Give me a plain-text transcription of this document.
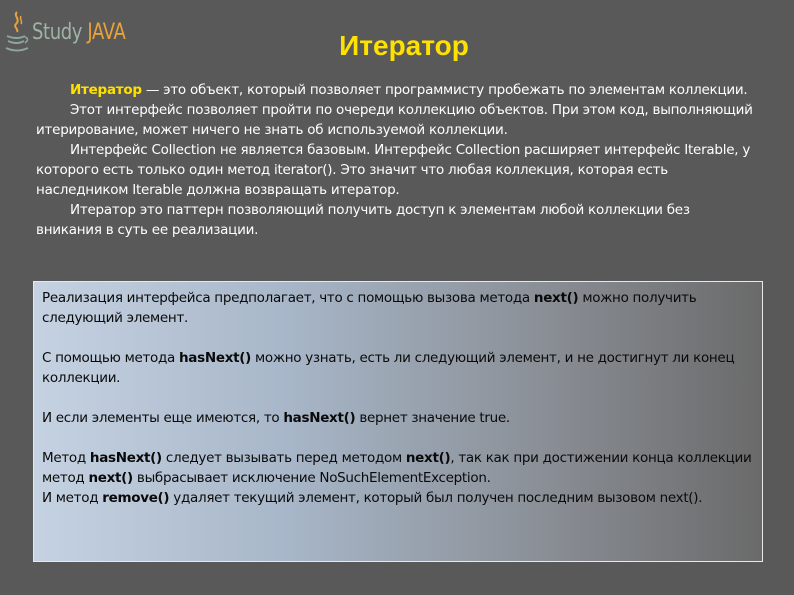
Study JAVA	Итератор

Итератор — это объект, который позволяет программисту пробежать по элементам коллекции.

Этот интерфейс позволяет пройти по очереди коллекцию объектов. При этом код, выполняющий итерирование, может ничего не знать об используемой коллекции.

Интерфейс Collection не является базовым. Интерфейс Collection расширяет интерфейс Iterable, у которого есть только один метод iterator(). Это значит что любая коллекция, которая есть наследником Iterable должна возвращать итератор.

Итератор это паттерн позволяющий получить доступ к элементам любой коллекции без вникания в суть ее реализации.

Реализация интерфейса предполагает, что с помощью вызова метода next() можно получить следующий элемент.

С помощью метода hasNext() можно узнать, есть ли следующий элемент, и не достигнут ли конец коллекции.

И если элементы еще имеются, то hasNext() вернет значение true.

Метод hasNext() следует вызывать перед методом next(), так как при достижении конца коллекции метод next() выбрасывает исключение NoSuchElementException.

И метод remove() удаляет текущий элемент, который был получен последним вызовом next().
